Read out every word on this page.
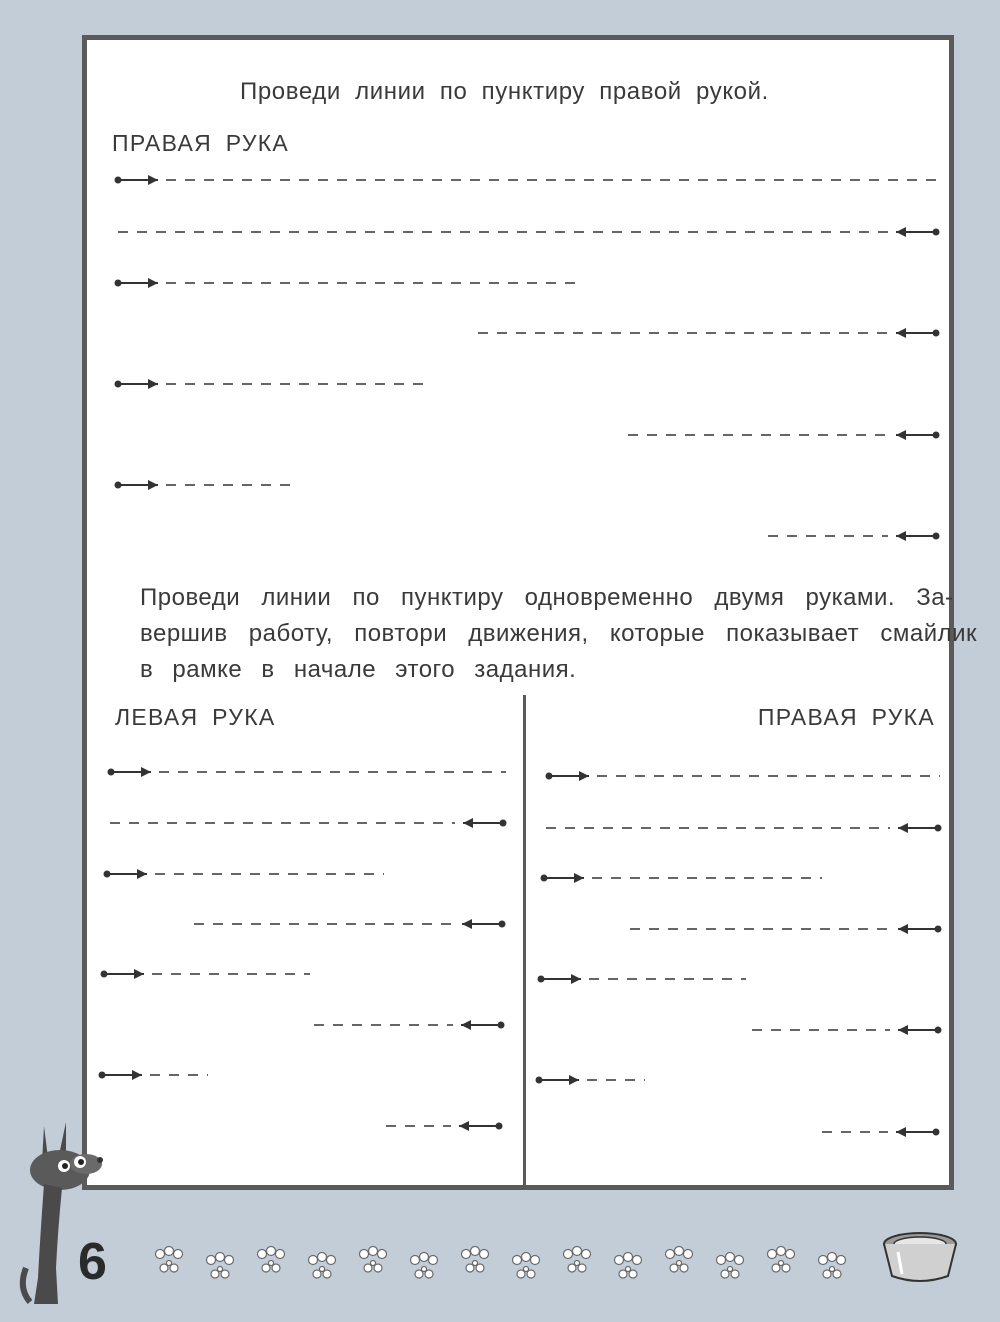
Проведи линии по пунктиру правой рукой.
ПРАВАЯ РУКА
Проведи линии по пунктиру одновременно двумя руками. За-
вершив работу, повтори движения, которые показывает смайлик
в рамке в начале этого задания.
ЛЕВАЯ РУКА	ПРАВАЯ РУКА
6
